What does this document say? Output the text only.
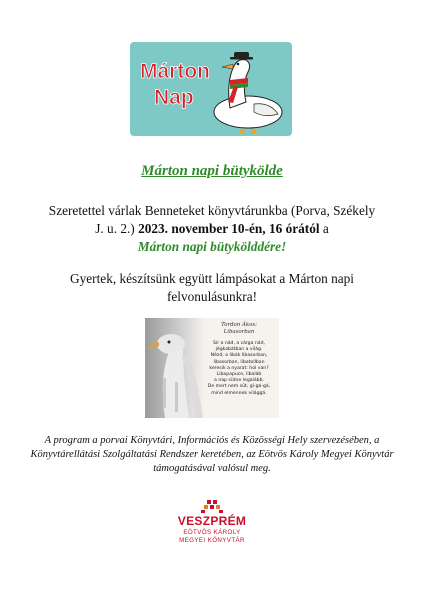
Márton
Nap
Márton napi bütykölde
Szeretettel várlak Benneteket könyvtárunkba (Porva, Székely J. u. 2.) 2023. november 10-én, 16 órától a
Márton napi bütykölddére!
Gyertek, készítsünk együtt lámpásokat a Márton napi felvonulásunkra!
Tordon Ákos:
Libasorban
Sír a nád, a sárga nád,
jégkabátban a világ.
Nézd, a libák libasorban,
libasorban, libatollban
keresik a nyarat: hol van?
Libapapuce, libaláb
a nap sütne legalább.
De mert nem süt, gi-gá-gá,
mind elmennek világgá.
A program a porvai Könyvtári, Információs és Közösségi Hely szervezésében, a Könyvtárellátási Szolgáltatási Rendszer keretében, az Eötvös Károly Megyei Könyvtár támogatásával valósul meg.
VESZPRÉM
EÖTVÖS KÁROLY
MEGYEI KÖNYVTÁR
